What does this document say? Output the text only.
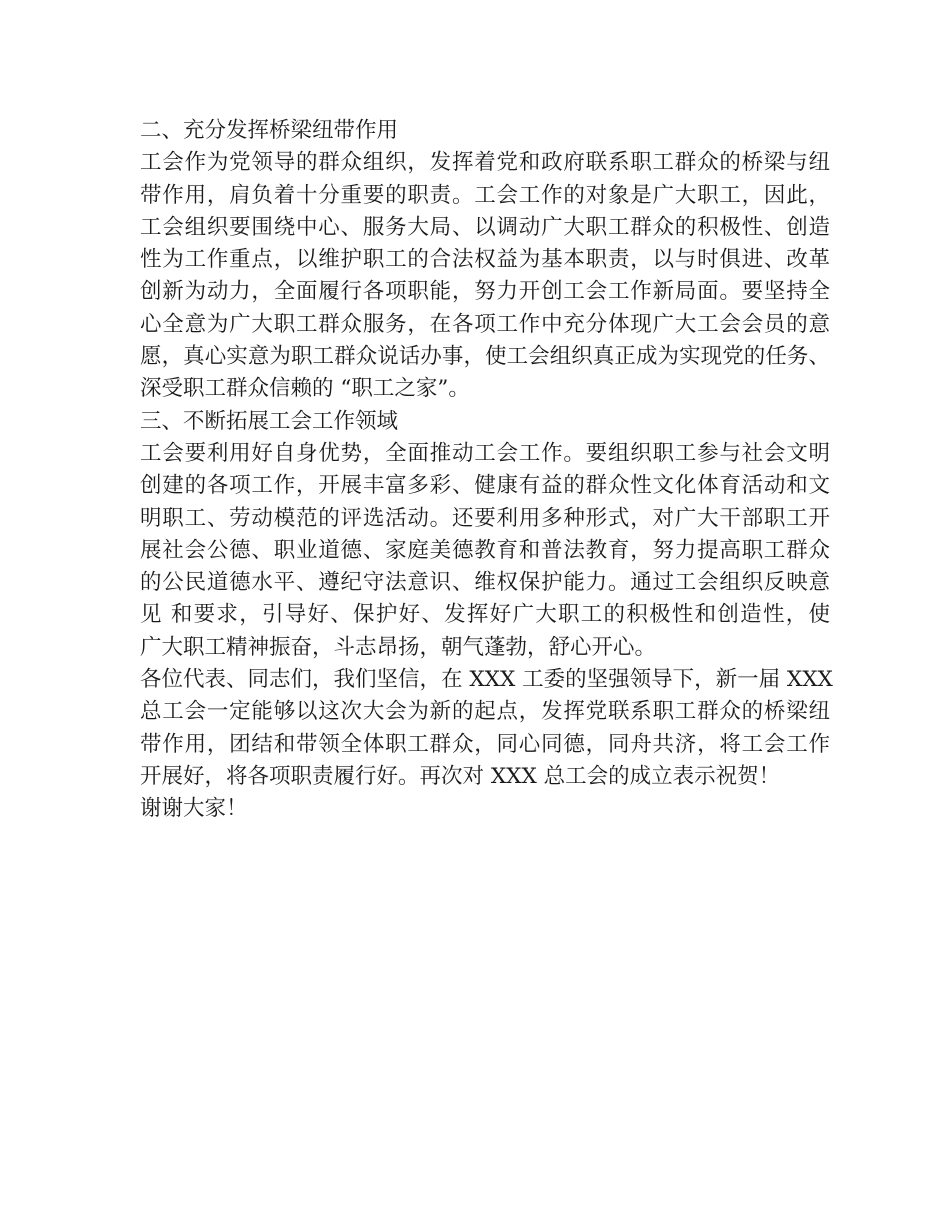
二、充分发挥桥梁纽带作用
工会作为党领导的群众组织，发挥着党和政府联系职工群众的桥梁与纽
带作用，肩负着十分重要的职责。工会工作的对象是广大职工，因此，
工会组织要围绕中心、服务大局、以调动广大职工群众的积极性、创造
性为工作重点，以维护职工的合法权益为基本职责，以与时俱进、改革
创新为动力，全面履行各项职能，努力开创工会工作新局面。要坚持全
心全意为广大职工群众服务，在各项工作中充分体现广大工会会员的意
愿，真心实意为职工群众说话办事，使工会组织真正成为实现党的任务、
深受职工群众信赖的 “职工之家”。
三、不断拓展工会工作领域
工会要利用好自身优势，全面推动工会工作。要组织职工参与社会文明
创建的各项工作，开展丰富多彩、健康有益的群众性文化体育活动和文
明职工、劳动模范的评选活动。还要利用多种形式，对广大干部职工开
展社会公德、职业道德、家庭美德教育和普法教育，努力提高职工群众
的公民道德水平、遵纪守法意识、维权保护能力。通过工会组织反映意
见 和要求，引导好、保护好、发挥好广大职工的积极性和创造性，使
广大职工精神振奋，斗志昂扬，朝气蓬勃，舒心开心。
各位代表、同志们，我们坚信，在 XXX 工委的坚强领导下，新一届 XXX
总工会一定能够以这次大会为新的起点，发挥党联系职工群众的桥梁纽
带作用，团结和带领全体职工群众，同心同德，同舟共济，将工会工作
开展好，将各项职责履行好。再次对 XXX 总工会的成立表示祝贺！
谢谢大家！
